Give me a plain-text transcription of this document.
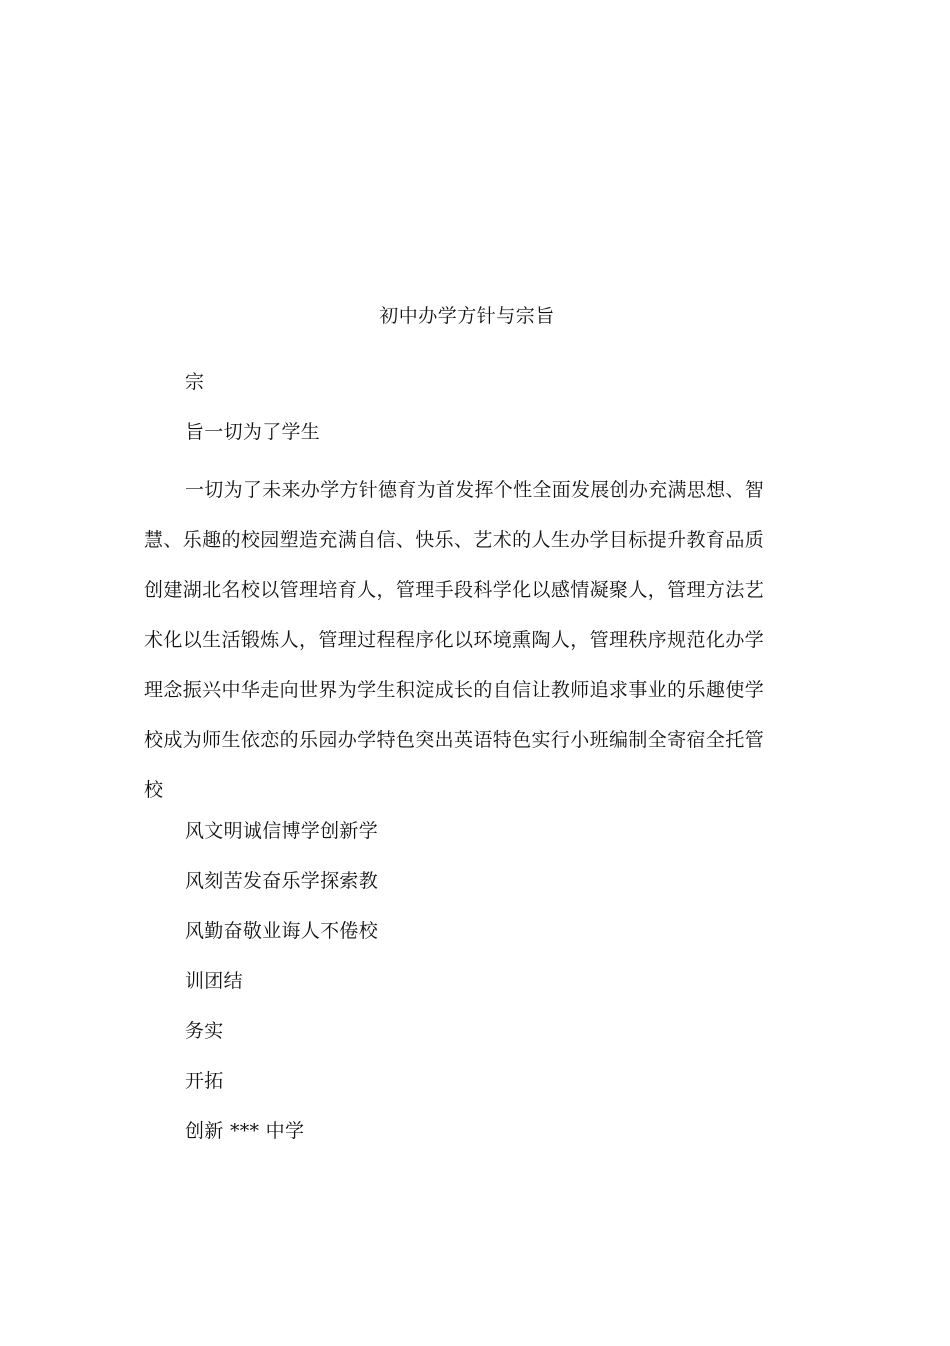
初中办学方针与宗旨
宗
旨一切为了学生
一切为了未来办学方针德育为首发挥个性全面发展创办充满思想、智慧、乐趣的校园塑造充满自信、快乐、艺术的人生办学目标提升教育品质创建湖北名校以管理培育人，管理手段科学化以感情凝聚人，管理方法艺术化以生活锻炼人，管理过程程序化以环境熏陶人，管理秩序规范化办学理念振兴中华走向世界为学生积淀成长的自信让教师追求事业的乐趣使学校成为师生依恋的乐园办学特色突出英语特色实行小班编制全寄宿全托管校
风文明诚信博学创新学
风刻苦发奋乐学探索教
风勤奋敬业诲人不倦校
训团结
务实
开拓
创新 *** 中学
